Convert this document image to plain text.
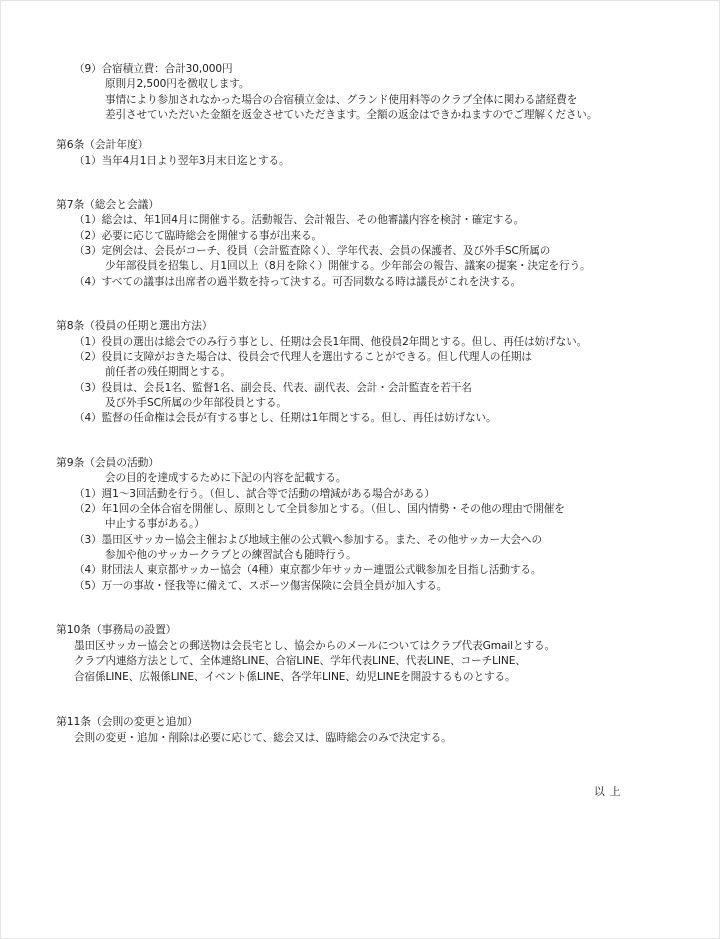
（9）合宿積立費：合計30,000円
原則月2,500円を徴収します。
事情により参加されなかった場合の合宿積立金は、グランド使用料等のクラブ全体に関わる諸経費を
差引させていただいた金額を返金させていただきます。全額の返金はできかねますのでご理解ください。
第6条（会計年度）
（1）当年4月1日より翌年3月末日迄とする。
第7条（総会と会議）
（1）総会は、年1回4月に開催する。活動報告、会計報告、その他審議内容を検討・確定する。
（2）必要に応じて臨時総会を開催する事が出来る。
（3）定例会は、会長がコーチ、役員（会計監査除く）、学年代表、会員の保護者、及び外手SC所属の
少年部役員を招集し、月1回以上（8月を除く）開催する。少年部会の報告、議案の提案・決定を行う。
（4）すべての議事は出席者の過半数を持って決する。可否同数なる時は議長がこれを決する。
第8条（役員の任期と選出方法）
（1）役員の選出は総会でのみ行う事とし、任期は会長1年間、他役員2年間とする。但し、再任は妨げない。
（2）役員に支障がおきた場合は、役員会で代理人を選出することができる。但し代理人の任期は
前任者の残任期間とする。
（3）役員は、会長1名、監督1名、副会長、代表、副代表、会計・会計監査を若干名
及び外手SC所属の少年部役員とする。
（4）監督の任命権は会長が有する事とし、任期は1年間とする。但し、再任は妨げない。
第9条（会員の活動）
会の目的を達成するために下記の内容を記載する。
（1）週1～3回活動を行う。（但し、試合等で活動の増減がある場合がある）
（2）年1回の全体合宿を開催し、原則として全員参加とする。（但し、国内情勢・その他の理由で開催を
中止する事がある。）
（3）墨田区サッカー協会主催および地域主催の公式戦へ参加する。また、その他サッカー大会への
参加や他のサッカークラブとの練習試合も随時行う。
（4）財団法人 東京都サッカー協会（4種）東京都少年サッカー連盟公式戦参加を目指し活動する。
（5）万一の事故・怪我等に備えて、スポーツ傷害保険に会員全員が加入する。
第10条（事務局の設置）
墨田区サッカー協会との郵送物は会長宅とし、協会からのメールについてはクラブ代表Gmailとする。
クラブ内連絡方法として、全体連絡LINE、合宿LINE、学年代表LINE、代表LINE、コーチLINE、
合宿係LINE、広報係LINE、イベント係LINE、各学年LINE、幼児LINEを開設するものとする。
第11条（会則の変更と追加）
会則の変更・追加・削除は必要に応じて、総会又は、臨時総会のみで決定する。
以上
